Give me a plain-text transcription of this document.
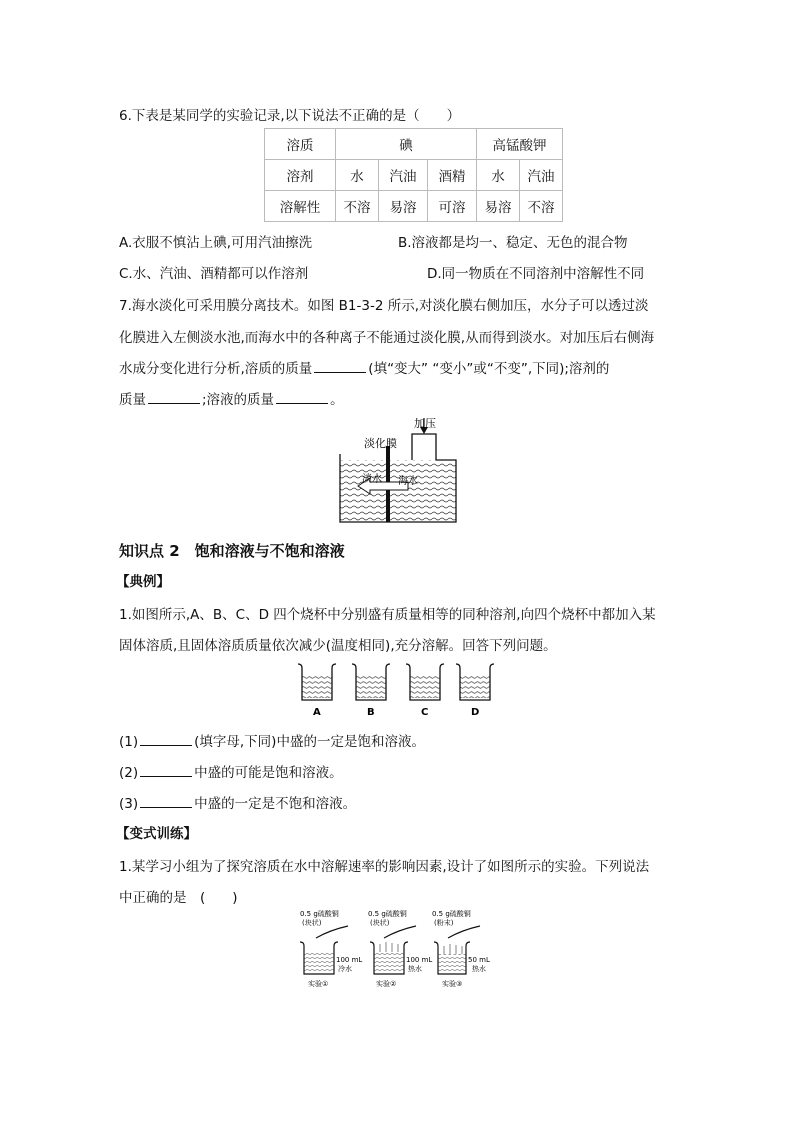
6.下表是某同学的实验记录,以下说法不正确的是（　　）
溶质	碘			高锰酸钾	
溶剂	水	汽油	酒精	水	汽油
溶解性	不溶	易溶	可溶	易溶	不溶
A.衣服不慎沾上碘,可用汽油擦洗	B.溶液都是均一、稳定、无色的混合物
C.水、汽油、酒精都可以作溶剂	D.同一物质在不同溶剂中溶解性不同
7.海水淡化可采用膜分离技术。如图 B1-3-2 所示,对淡化膜右侧加压，水分子可以透过淡
化膜进入左侧淡水池,而海水中的各种离子不能通过淡化膜,从而得到淡水。对加压后右侧海
水成分变化进行分析,溶质的质量	(填“变大” “变小”或“不变”,下同);溶剂的
质量	;溶液的质量	。
加压
淡化膜
淡水 海水
知识点 2　饱和溶液与不饱和溶液
【典例】
1.如图所示,A、B、C、D 四个烧杯中分别盛有质量相等的同种溶剂,向四个烧杯中都加入某
固体溶质,且固体溶质质量依次减少(温度相同),充分溶解。回答下列问题。
A	B	C	D
(1)	(填字母,下同)中盛的一定是饱和溶液。
(2)	中盛的可能是饱和溶液。
(3)	中盛的一定是不饱和溶液。
【变式训练】
1.某学习小组为了探究溶质在水中溶解速率的影响因素,设计了如图所示的实验。下列说法
中正确的是　(　　)
0.5 g硫酸铜
(块状)
100 mL
冷水
实验①
0.5 g硫酸铜
(块状)
100 mL
热水
实验②
0.5 g硫酸铜
(粉末)
50 mL
热水
实验③
